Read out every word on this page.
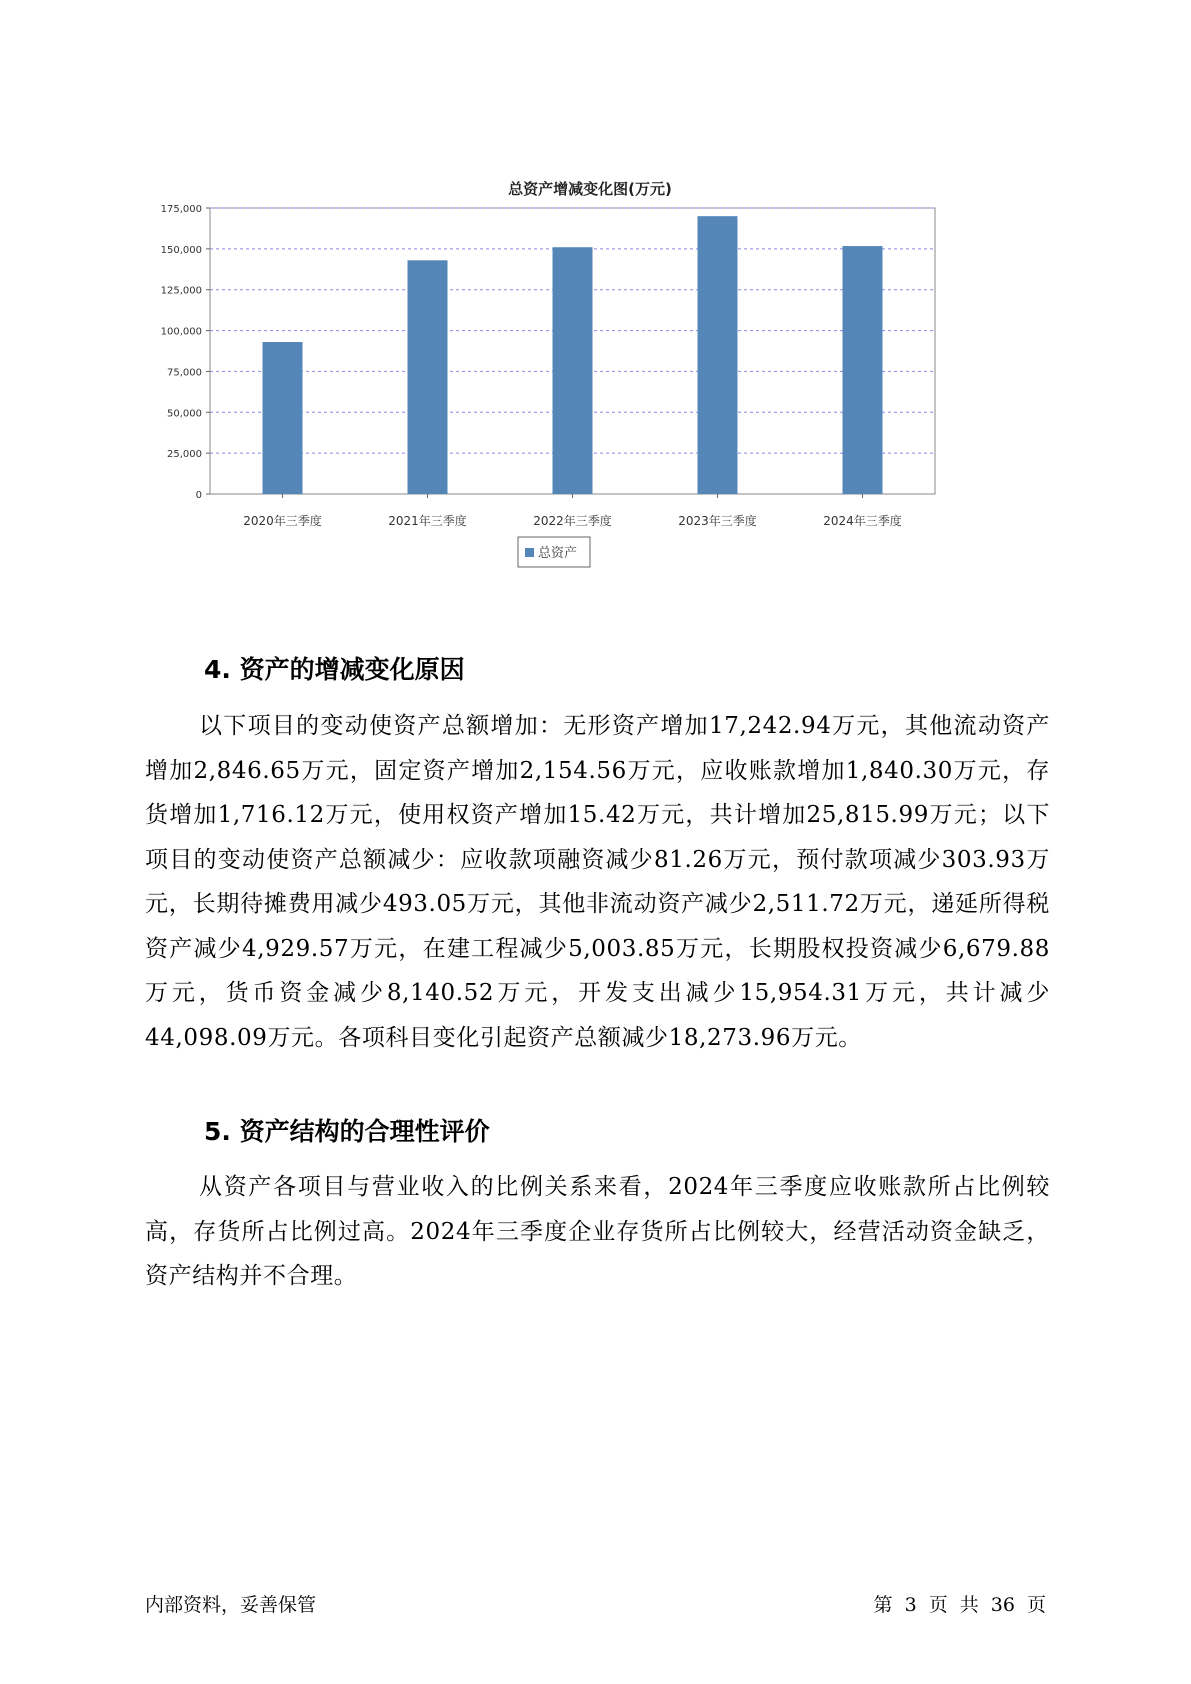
总资产增减变化图(万元)
0
25,000
50,000
75,000
100,000
125,000
150,000
175,000
2020年三季度	2021年三季度	2022年三季度	2023年三季度	2024年三季度
总资产
4. 资产的增减变化原因

以下项目的变动使资产总额增加：无形资产增加17,242.94万元，其他流动资产增加2,846.65万元，固定资产增加2,154.56万元，应收账款增加1,840.30万元，存货增加1,716.12万元，使用权资产增加15.42万元，共计增加25,815.99万元；以下项目的变动使资产总额减少：应收款项融资减少81.26万元，预付款项减少303.93万元，长期待摊费用减少493.05万元，其他非流动资产减少2,511.72万元，递延所得税资产减少4,929.57万元，在建工程减少5,003.85万元，长期股权投资减少6,679.88万元，货币资金减少8,140.52万元，开发支出减少15,954.31万元，共计减少44,098.09万元。各项科目变化引起资产总额减少18,273.96万元。

5. 资产结构的合理性评价

从资产各项目与营业收入的比例关系来看，2024年三季度应收账款所占比例较高，存货所占比例过高。2024年三季度企业存货所占比例较大，经营活动资金缺乏，资产结构并不合理。

内部资料，妥善保管	第 3 页 共 36 页
